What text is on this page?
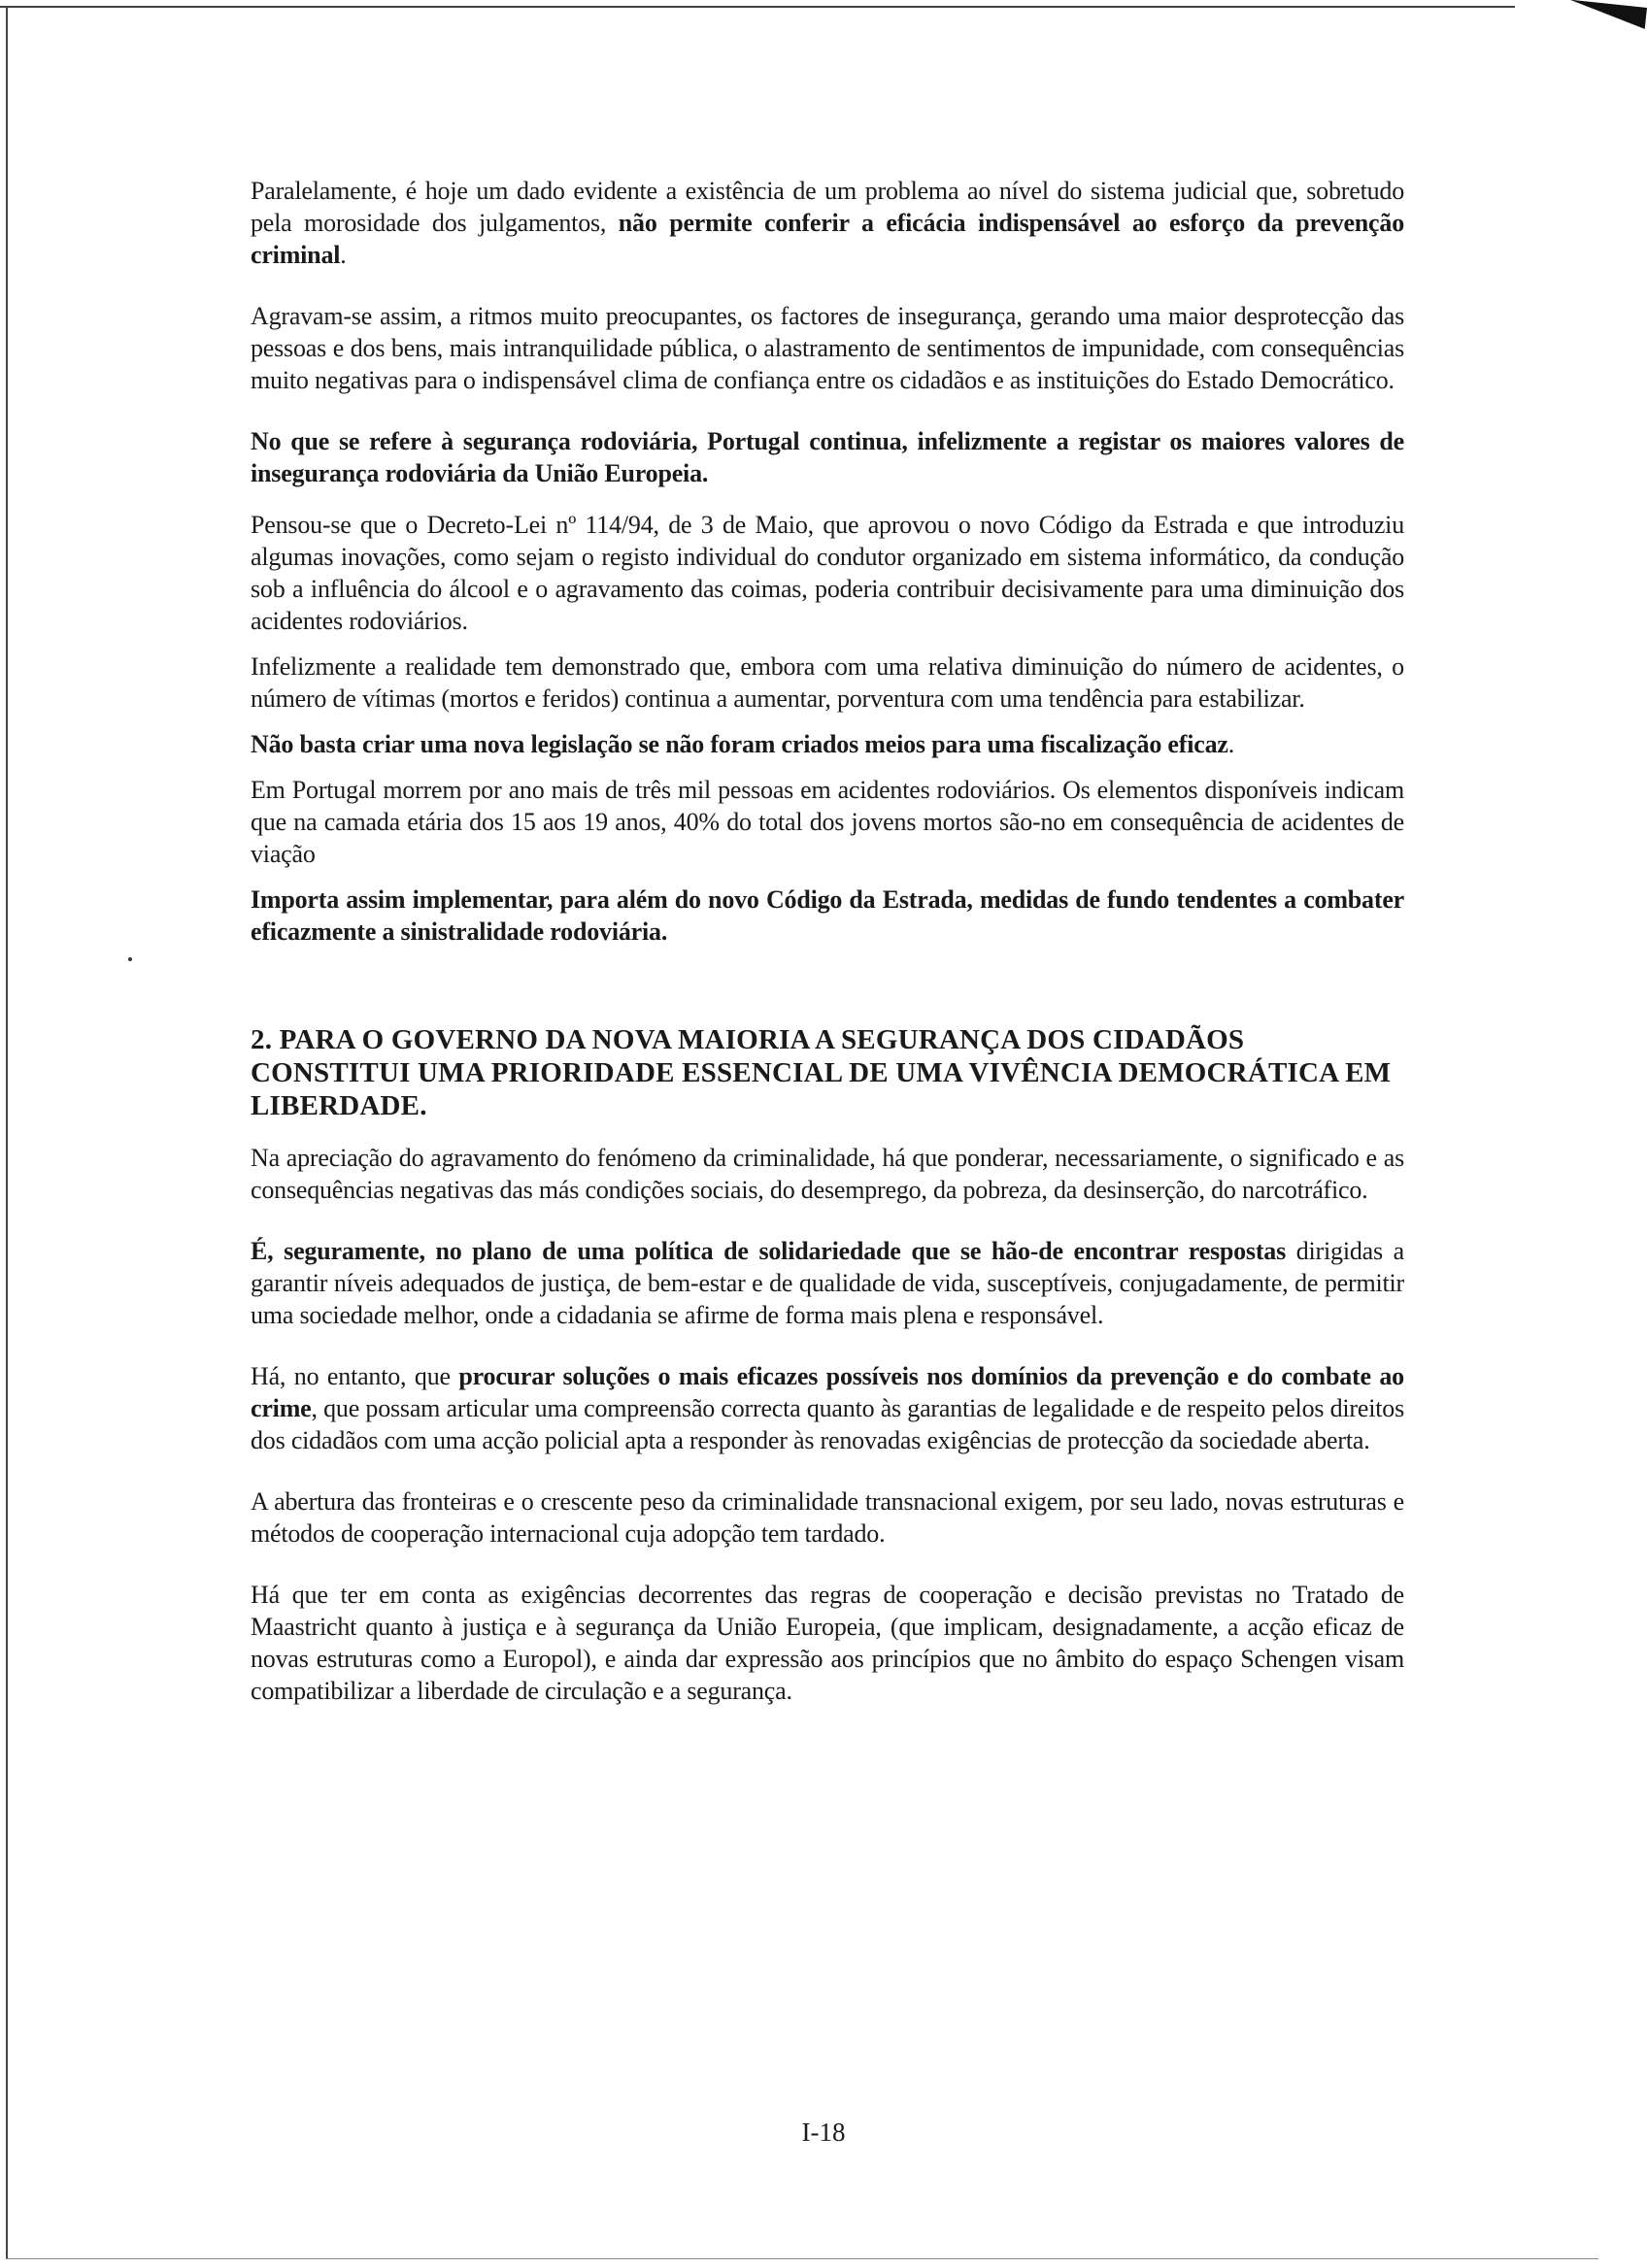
Paralelamente, é hoje um dado evidente a existência de um problema ao nível do sistema judicial que, sobretudo pela morosidade dos julgamentos, não permite conferir a eficácia indispensável ao esforço da prevenção criminal.

Agravam-se assim, a ritmos muito preocupantes, os factores de insegurança, gerando uma maior desprotecção das pessoas e dos bens, mais intranquilidade pública, o alastramento de sentimentos de impunidade, com consequências muito negativas para o indispensável clima de confiança entre os cidadãos e as instituições do Estado Democrático.

No que se refere à segurança rodoviária, Portugal continua, infelizmente a registar os maiores valores de insegurança rodoviária da União Europeia.

Pensou-se que o Decreto-Lei nº 114/94, de 3 de Maio, que aprovou o novo Código da Estrada e que introduziu algumas inovações, como sejam o registo individual do condutor organizado em sistema informático, da condução sob a influência do álcool e o agravamento das coimas, poderia contribuir decisivamente para uma diminuição dos acidentes rodoviários.

Infelizmente a realidade tem demonstrado que, embora com uma relativa diminuição do número de acidentes, o número de vítimas (mortos e feridos) continua a aumentar, porventura com uma tendência para estabilizar.

Não basta criar uma nova legislação se não foram criados meios para uma fiscalização eficaz.

Em Portugal morrem por ano mais de três mil pessoas em acidentes rodoviários. Os elementos disponíveis indicam que na camada etária dos 15 aos 19 anos, 40% do total dos jovens mortos são-no em consequência de acidentes de viação

Importa assim implementar, para além do novo Código da Estrada, medidas de fundo tendentes a combater eficazmente a sinistralidade rodoviária.

2. PARA O GOVERNO DA NOVA MAIORIA A SEGURANÇA DOS CIDADÃOS CONSTITUI UMA PRIORIDADE ESSENCIAL DE UMA VIVÊNCIA DEMOCRÁTICA EM LIBERDADE.

Na apreciação do agravamento do fenómeno da criminalidade, há que ponderar, necessariamente, o significado e as consequências negativas das más condições sociais, do desemprego, da pobreza, da desinserção, do narcotráfico.

É, seguramente, no plano de uma política de solidariedade que se hão-de encontrar respostas dirigidas a garantir níveis adequados de justiça, de bem-estar e de qualidade de vida, susceptíveis, conjugadamente, de permitir uma sociedade melhor, onde a cidadania se afirme de forma mais plena e responsável.

Há, no entanto, que procurar soluções o mais eficazes possíveis nos domínios da prevenção e do combate ao crime, que possam articular uma compreensão correcta quanto às garantias de legalidade e de respeito pelos direitos dos cidadãos com uma acção policial apta a responder às renovadas exigências de protecção da sociedade aberta.

A abertura das fronteiras e o crescente peso da criminalidade transnacional exigem, por seu lado, novas estruturas e métodos de cooperação internacional cuja adopção tem tardado.

Há que ter em conta as exigências decorrentes das regras de cooperação e decisão previstas no Tratado de Maastricht quanto à justiça e à segurança da União Europeia, (que implicam, designadamente, a acção eficaz de novas estruturas como a Europol), e ainda dar expressão aos princípios que no âmbito do espaço Schengen visam compatibilizar a liberdade de circulação e a segurança.

I-18
